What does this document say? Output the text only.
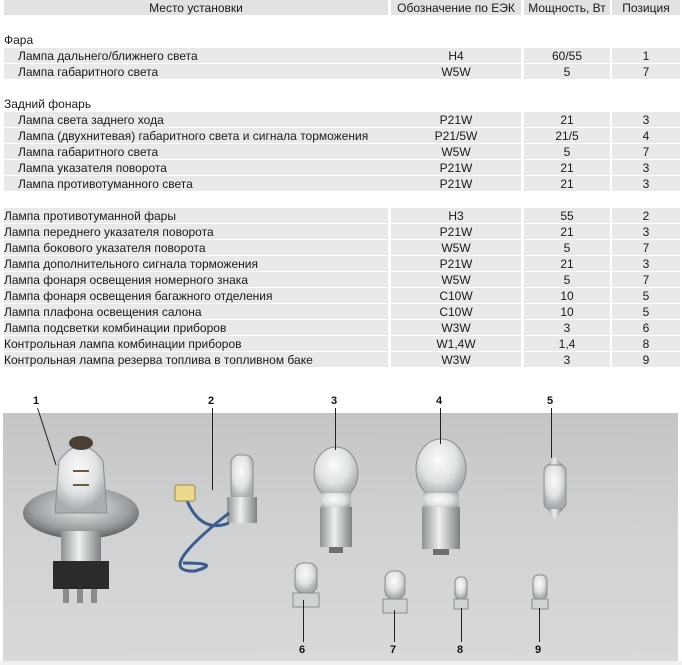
Место установки	Обозначение по ЕЭК	Мощность, Вт	Позиция
Фара
Лампа дальнего/ближнего света	H4	60/55	1
Лампа габаритного света	W5W	5	7
Задний фонарь
Лампа света заднего хода	P21W	21	3
Лампа (двухнитевая) габаритного света и сигнала торможения	P21/5W	21/5	4
Лампа габаритного света	W5W	5	7
Лампа указателя поворота	P21W	21	3
Лампа противотуманного света	P21W	21	3
Лампа противотуманной фары	H3	55	2
Лампа переднего указателя поворота	P21W	21	3
Лампа бокового указателя поворота	W5W	5	7
Лампа дополнительного сигнала торможения	P21W	21	3
Лампа фонаря освещения номерного знака	W5W	5	7
Лампа фонаря освещения багажного отделения	C10W	10	5
Лампа плафона освещения салона	C10W	10	5
Лампа подсветки комбинации приборов	W3W	3	6
Контрольная лампа комбинации приборов	W1,4W	1,4	8
Контрольная лампа резерва топлива в топливном баке	W3W	3	9
1	2	3	4	5
6	7	8	9
